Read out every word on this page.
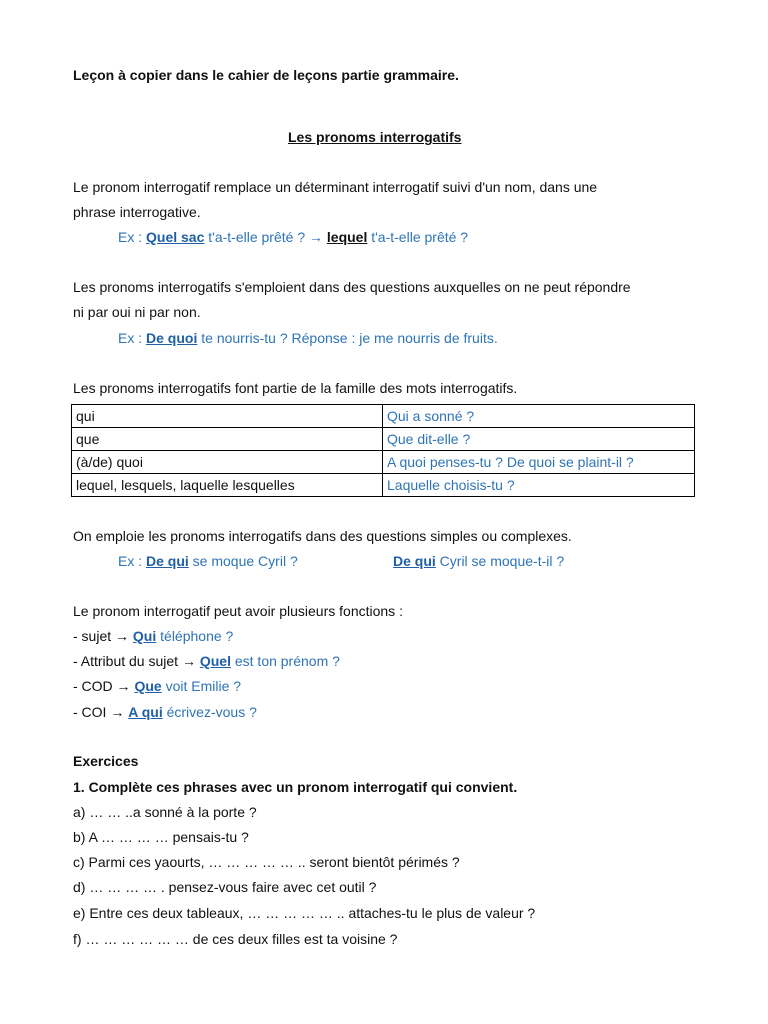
Leçon à copier dans le cahier de leçons partie grammaire.
Les pronoms interrogatifs
Le pronom interrogatif remplace un déterminant interrogatif suivi d'un nom, dans une
phrase interrogative.
Ex : Quel sac t'a-t-elle prêté ? → lequel t'a-t-elle prêté ?
Les pronoms interrogatifs s'emploient dans des questions auxquelles on ne peut répondre
ni par oui ni par non.
Ex : De quoi te nourris-tu ? Réponse : je me nourris de fruits.
Les pronoms interrogatifs font partie de la famille des mots interrogatifs.
qui	Qui a sonné ?
que	Que dit-elle ?
(à/de) quoi	A quoi penses-tu ? De quoi se plaint-il ?
lequel, lesquels, laquelle lesquelles	Laquelle choisis-tu ?
On emploie les pronoms interrogatifs dans des questions simples ou complexes.
Ex : De qui se moque Cyril ?	De qui Cyril se moque-t-il ?
Le pronom interrogatif peut avoir plusieurs fonctions :
- sujet → Qui téléphone ?
- Attribut du sujet → Quel est ton prénom ?
- COD → Que voit Emilie ?
- COI → A qui écrivez-vous ?
Exercices
1. Complète ces phrases avec un pronom interrogatif qui convient.
a) … … ..a sonné à la porte ?
b) A … … … … pensais-tu ?
c) Parmi ces yaourts, … … … … … .. seront bientôt périmés ?
d) … … … … . pensez-vous faire avec cet outil ?
e) Entre ces deux tableaux, … … … … … .. attaches-tu le plus de valeur ?
f) … … … … … … de ces deux filles est ta voisine ?
